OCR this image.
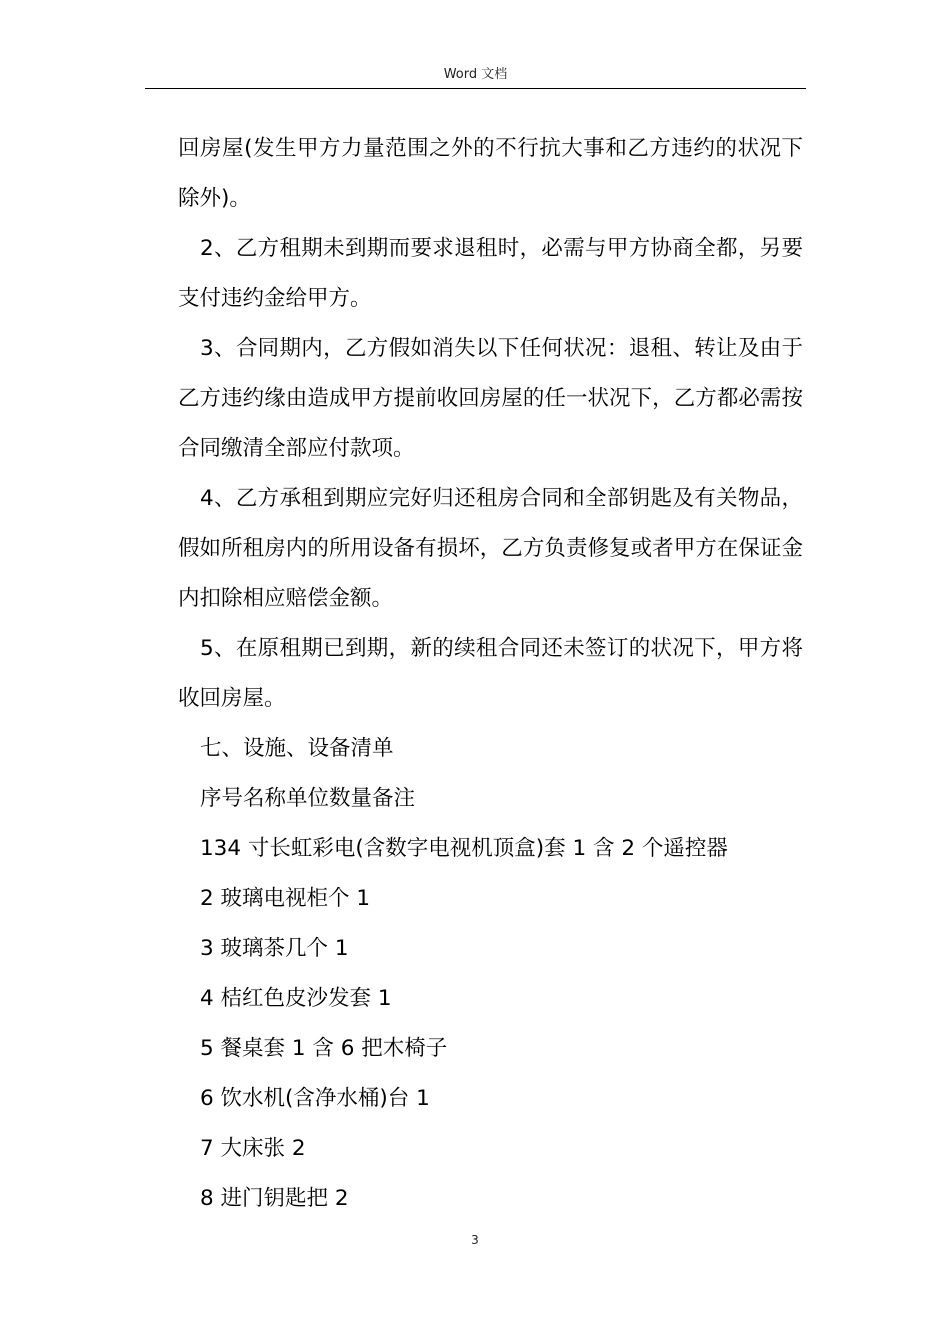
Word 文档

回房屋(发生甲方力量范围之外的不行抗大事和乙方违约的状况下除外)。

2、乙方租期未到期而要求退租时，必需与甲方协商全都，另要支付违约金给甲方。

3、合同期内，乙方假如消失以下任何状况：退租、转让及由于乙方违约缘由造成甲方提前收回房屋的任一状况下，乙方都必需按合同缴清全部应付款项。

4、乙方承租到期应完好归还租房合同和全部钥匙及有关物品，假如所租房内的所用设备有损坏，乙方负责修复或者甲方在保证金内扣除相应赔偿金额。

5、在原租期已到期，新的续租合同还未签订的状况下，甲方将收回房屋。

七、设施、设备清单

序号名称单位数量备注

134 寸长虹彩电(含数字电视机顶盒)套 1 含 2 个遥控器

2 玻璃电视柜个 1

3 玻璃茶几个 1

4 桔红色皮沙发套 1

5 餐桌套 1 含 6 把木椅子

6 饮水机(含净水桶)台 1

7 大床张 2

8 进门钥匙把 2

3
